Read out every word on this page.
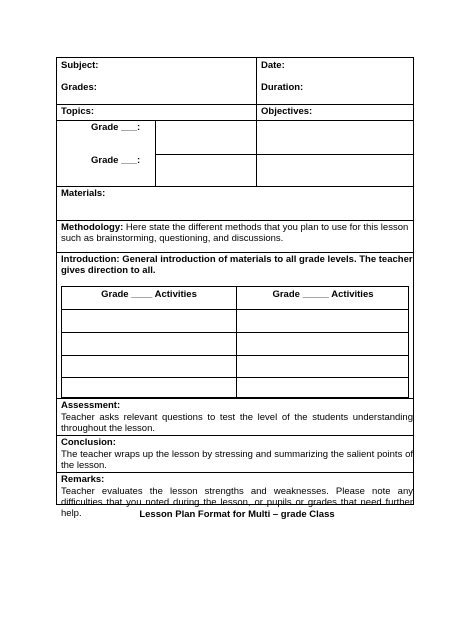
Subject:	Date:
Grades:	Duration:
Topics:	Objectives:
Grade ___:
Grade ___:
Materials:
Methodology: Here state the different methods that you plan to use for this lesson such as brainstorming, questioning, and discussions.
Introduction: General introduction of materials to all grade levels. The teacher gives direction to all.
Grade ____ Activities	Grade _____ Activities
Assessment:
Teacher asks relevant questions to test the level of the students understanding throughout the lesson.
Conclusion:
The teacher wraps up the lesson by stressing and summarizing the salient points of the lesson.
Remarks:
Teacher evaluates the lesson strengths and weaknesses. Please note any difficulties that you noted during the lesson, or pupils or grades that need further help.	Lesson Plan Format for Multi – grade Class
